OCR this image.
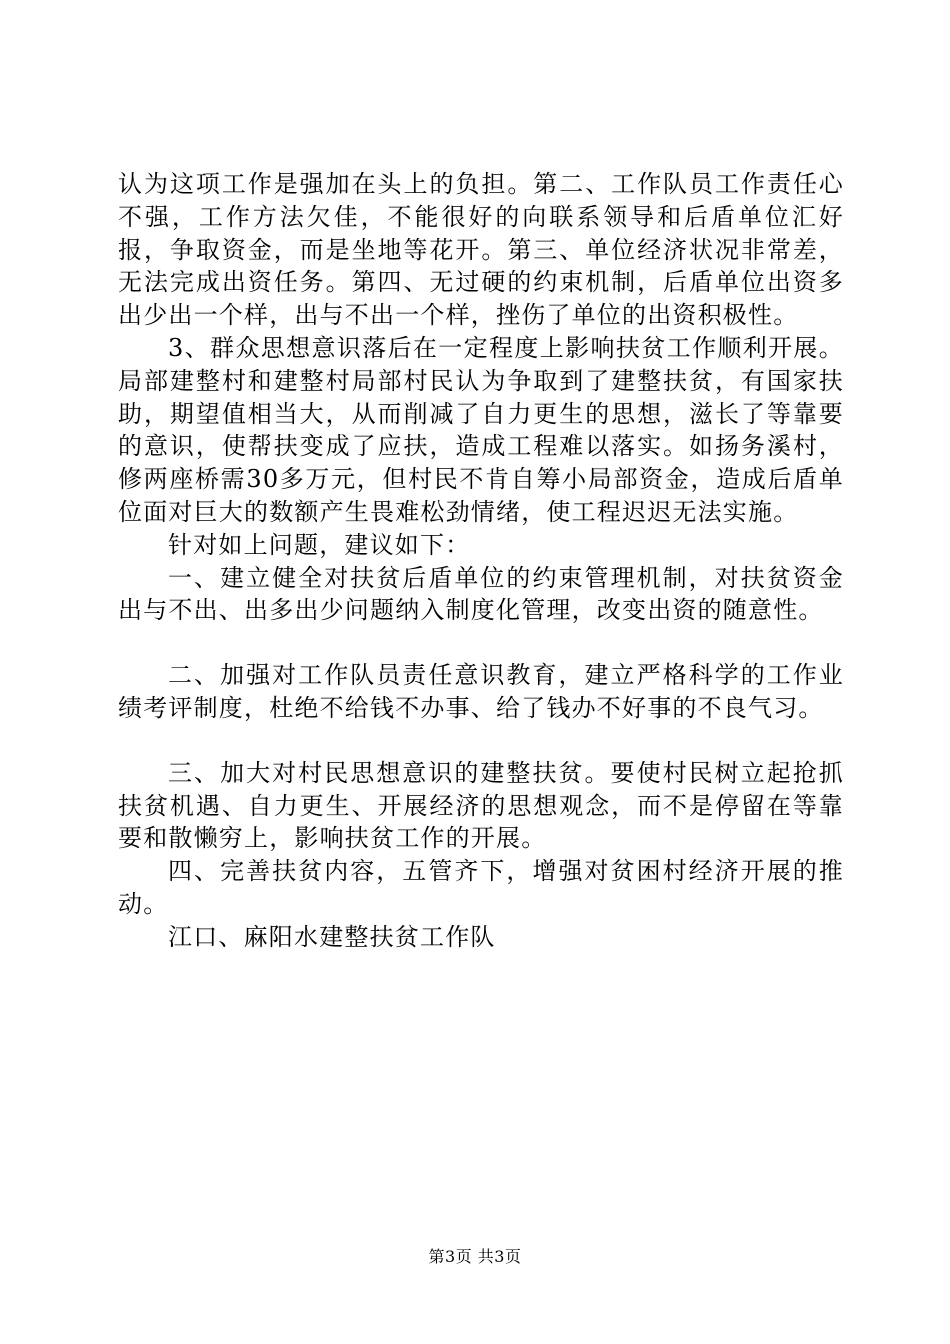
认为这项工作是强加在头上的负担。第二、工作队员工作责任心不强，工作方法欠佳，不能很好的向联系领导和后盾单位汇好报，争取资金，而是坐地等花开。第三、单位经济状况非常差，无法完成出资任务。第四、无过硬的约束机制，后盾单位出资多出少出一个样，出与不出一个样，挫伤了单位的出资积极性。

3、群众思想意识落后在一定程度上影响扶贫工作顺利开展。局部建整村和建整村局部村民认为争取到了建整扶贫，有国家扶助，期望值相当大，从而削减了自力更生的思想，滋长了等靠要的意识，使帮扶变成了应扶，造成工程难以落实。如扬务溪村，修两座桥需30多万元，但村民不肯自筹小局部资金，造成后盾单位面对巨大的数额产生畏难松劲情绪，使工程迟迟无法实施。

针对如上问题，建议如下：

一、建立健全对扶贫后盾单位的约束管理机制，对扶贫资金出与不出、出多出少问题纳入制度化管理，改变出资的随意性。

二、加强对工作队员责任意识教育，建立严格科学的工作业绩考评制度，杜绝不给钱不办事、给了钱办不好事的不良气习。

三、加大对村民思想意识的建整扶贫。要使村民树立起抢抓扶贫机遇、自力更生、开展经济的思想观念，而不是停留在等靠要和散懒穷上，影响扶贫工作的开展。

四、完善扶贫内容，五管齐下，增强对贫困村经济开展的推动。

江口、麻阳水建整扶贫工作队

第3页 共3页
